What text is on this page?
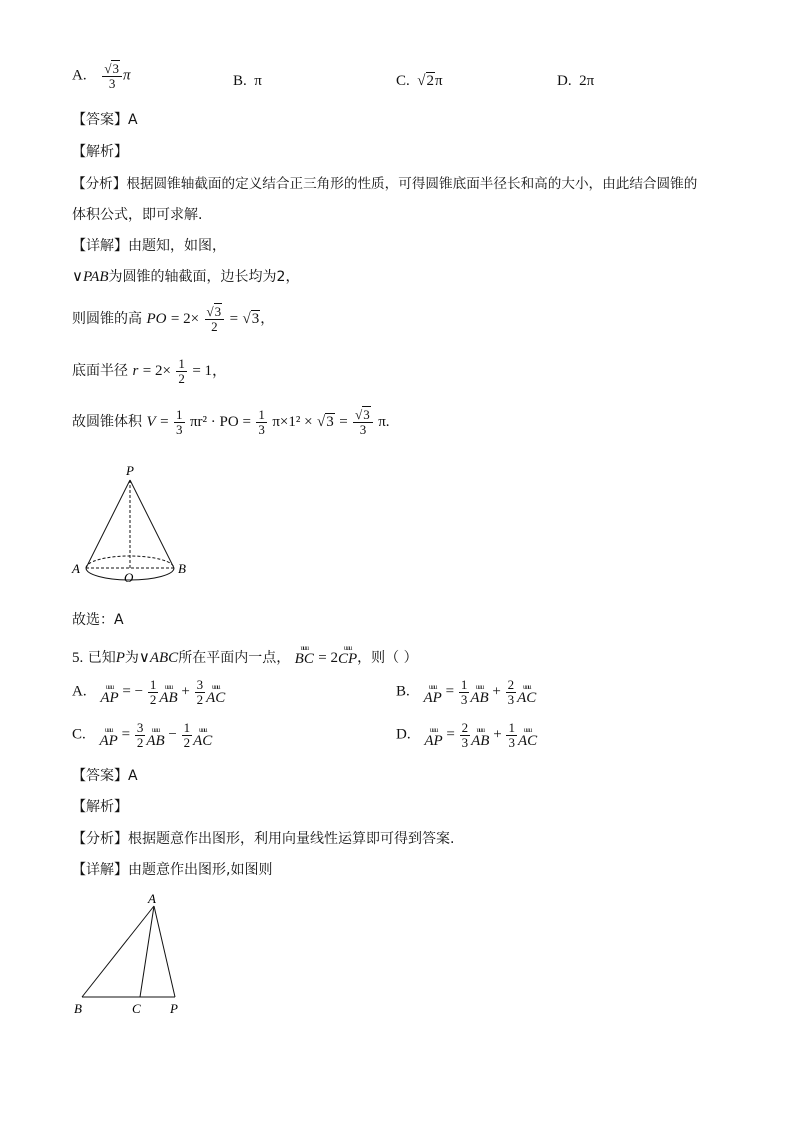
A. $\frac{√3}{3}$ π	B. π	C. √2π	D. 2π
【答案】A
【解析】
【分析】根据圆锥轴截面的定义结合正三角形的性质，可得圆锥底面半径长和高的大小，由此结合圆锥的
体积公式，即可求解.
【详解】由题知，如图，
∨PAB为圆锥的轴截面，边长均为2，
则圆锥的高 PO = $2\times \frac{√3}{2} = √3$，
底面半径 $r = 2\times \frac{1}{2} = 1$，
故圆锥体积 $V = \frac{1}{3} \pi r^2$ · PO = $\frac{1}{3} \pi\times 1^2 \times √3 = \frac{√3}{3} \pi$.
P
A
O
B
故选：A
5. 已知P为∨ABC所在平面内一点，
uuu
BC = 2
uuu
CP ，则（ ）
A.	uuu
AP = − $\frac{1}{2}$ uuu
AB + $\frac{3}{2}$ uuu
AC	B.	uuu
AP = $\frac{1}{3}$ uuu
AB + $\frac{2}{3}$ uuu
AC
C.	uuu
AP = $\frac{3}{2}$ uuu
AB − $\frac{1}{2}$ uuu
AC	D.	uuu
AP = $\frac{2}{3}$ uuu
AB + $\frac{1}{3}$ uuu
AC
【答案】A
【解析】
【分析】根据题意作出图形，利用向量线性运算即可得到答案.
【详解】由题意作出图形,如图则
A
B	C P
